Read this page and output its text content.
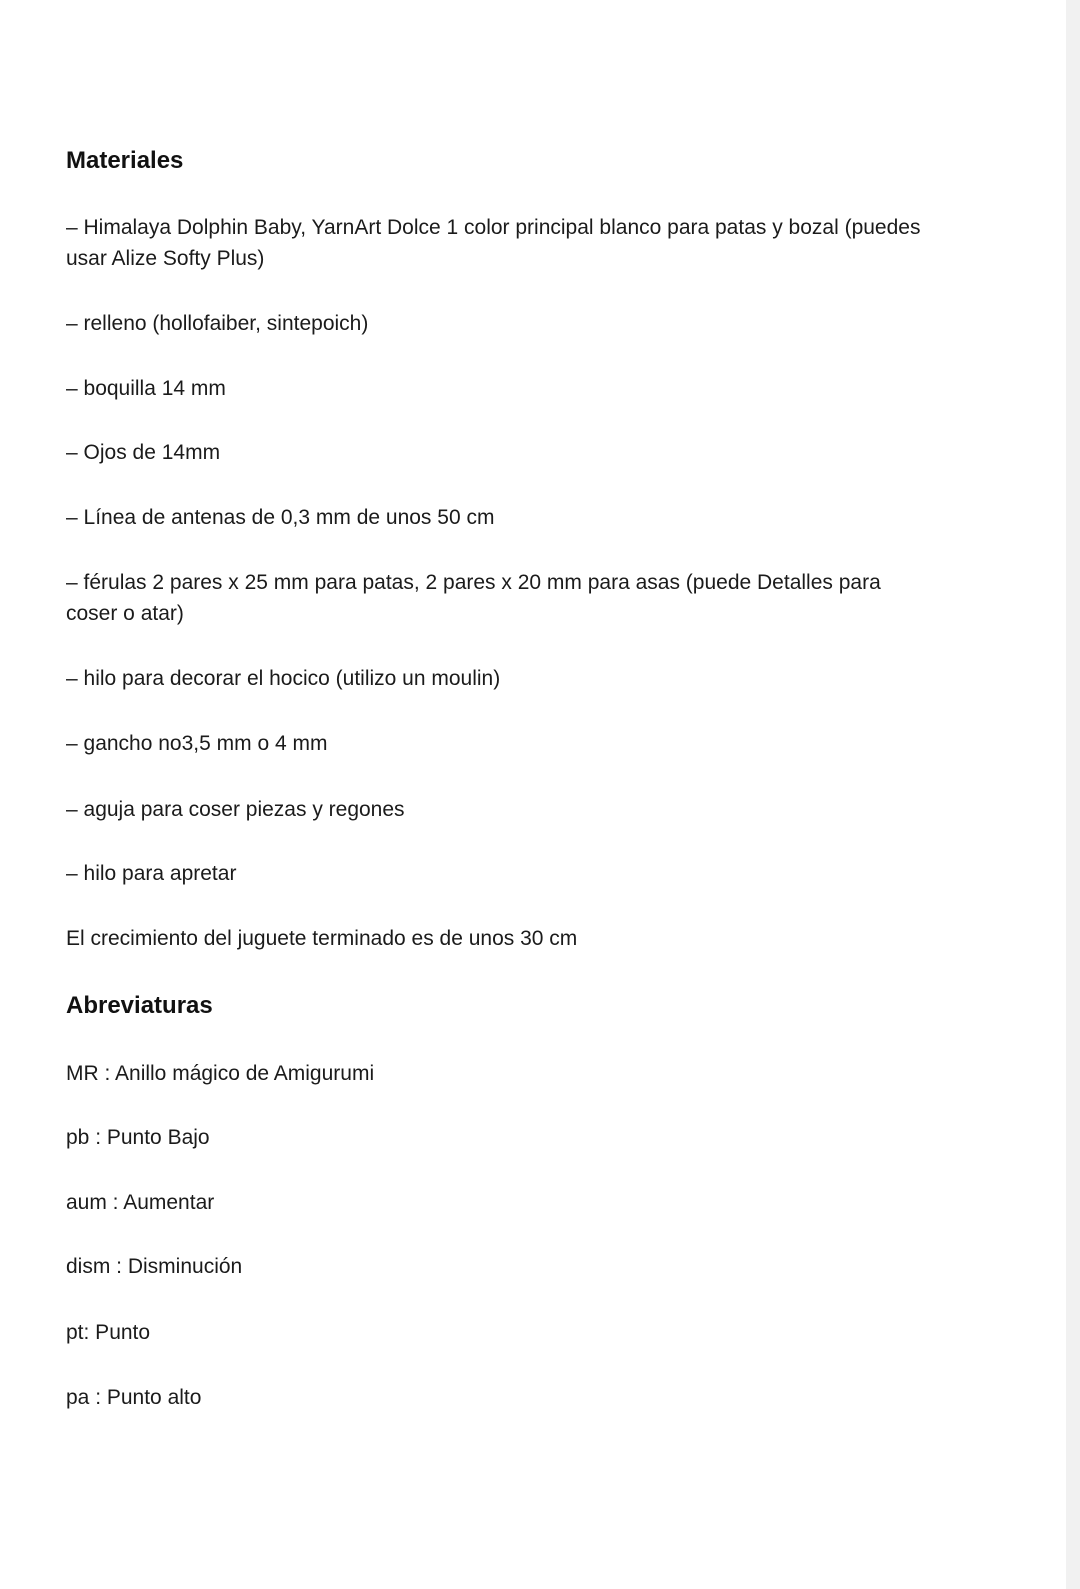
Materiales

– Himalaya Dolphin Baby, YarnArt Dolce 1 color principal blanco para patas y bozal (puedes usar Alize Softy Plus)

– relleno (hollofaiber, sintepoich)

– boquilla 14 mm

– Ojos de 14mm

– Línea de antenas de 0,3 mm de unos 50 cm

– férulas 2 pares x 25 mm para patas, 2 pares x 20 mm para asas (puede Detalles para coser o atar)

– hilo para decorar el hocico (utilizo un moulin)

– gancho no3,5 mm o 4 mm

– aguja para coser piezas y regones

– hilo para apretar

El crecimiento del juguete terminado es de unos 30 cm

Abreviaturas

MR : Anillo mágico de Amigurumi

pb : Punto Bajo

aum : Aumentar

dism : Disminución

pt: Punto

pa : Punto alto
